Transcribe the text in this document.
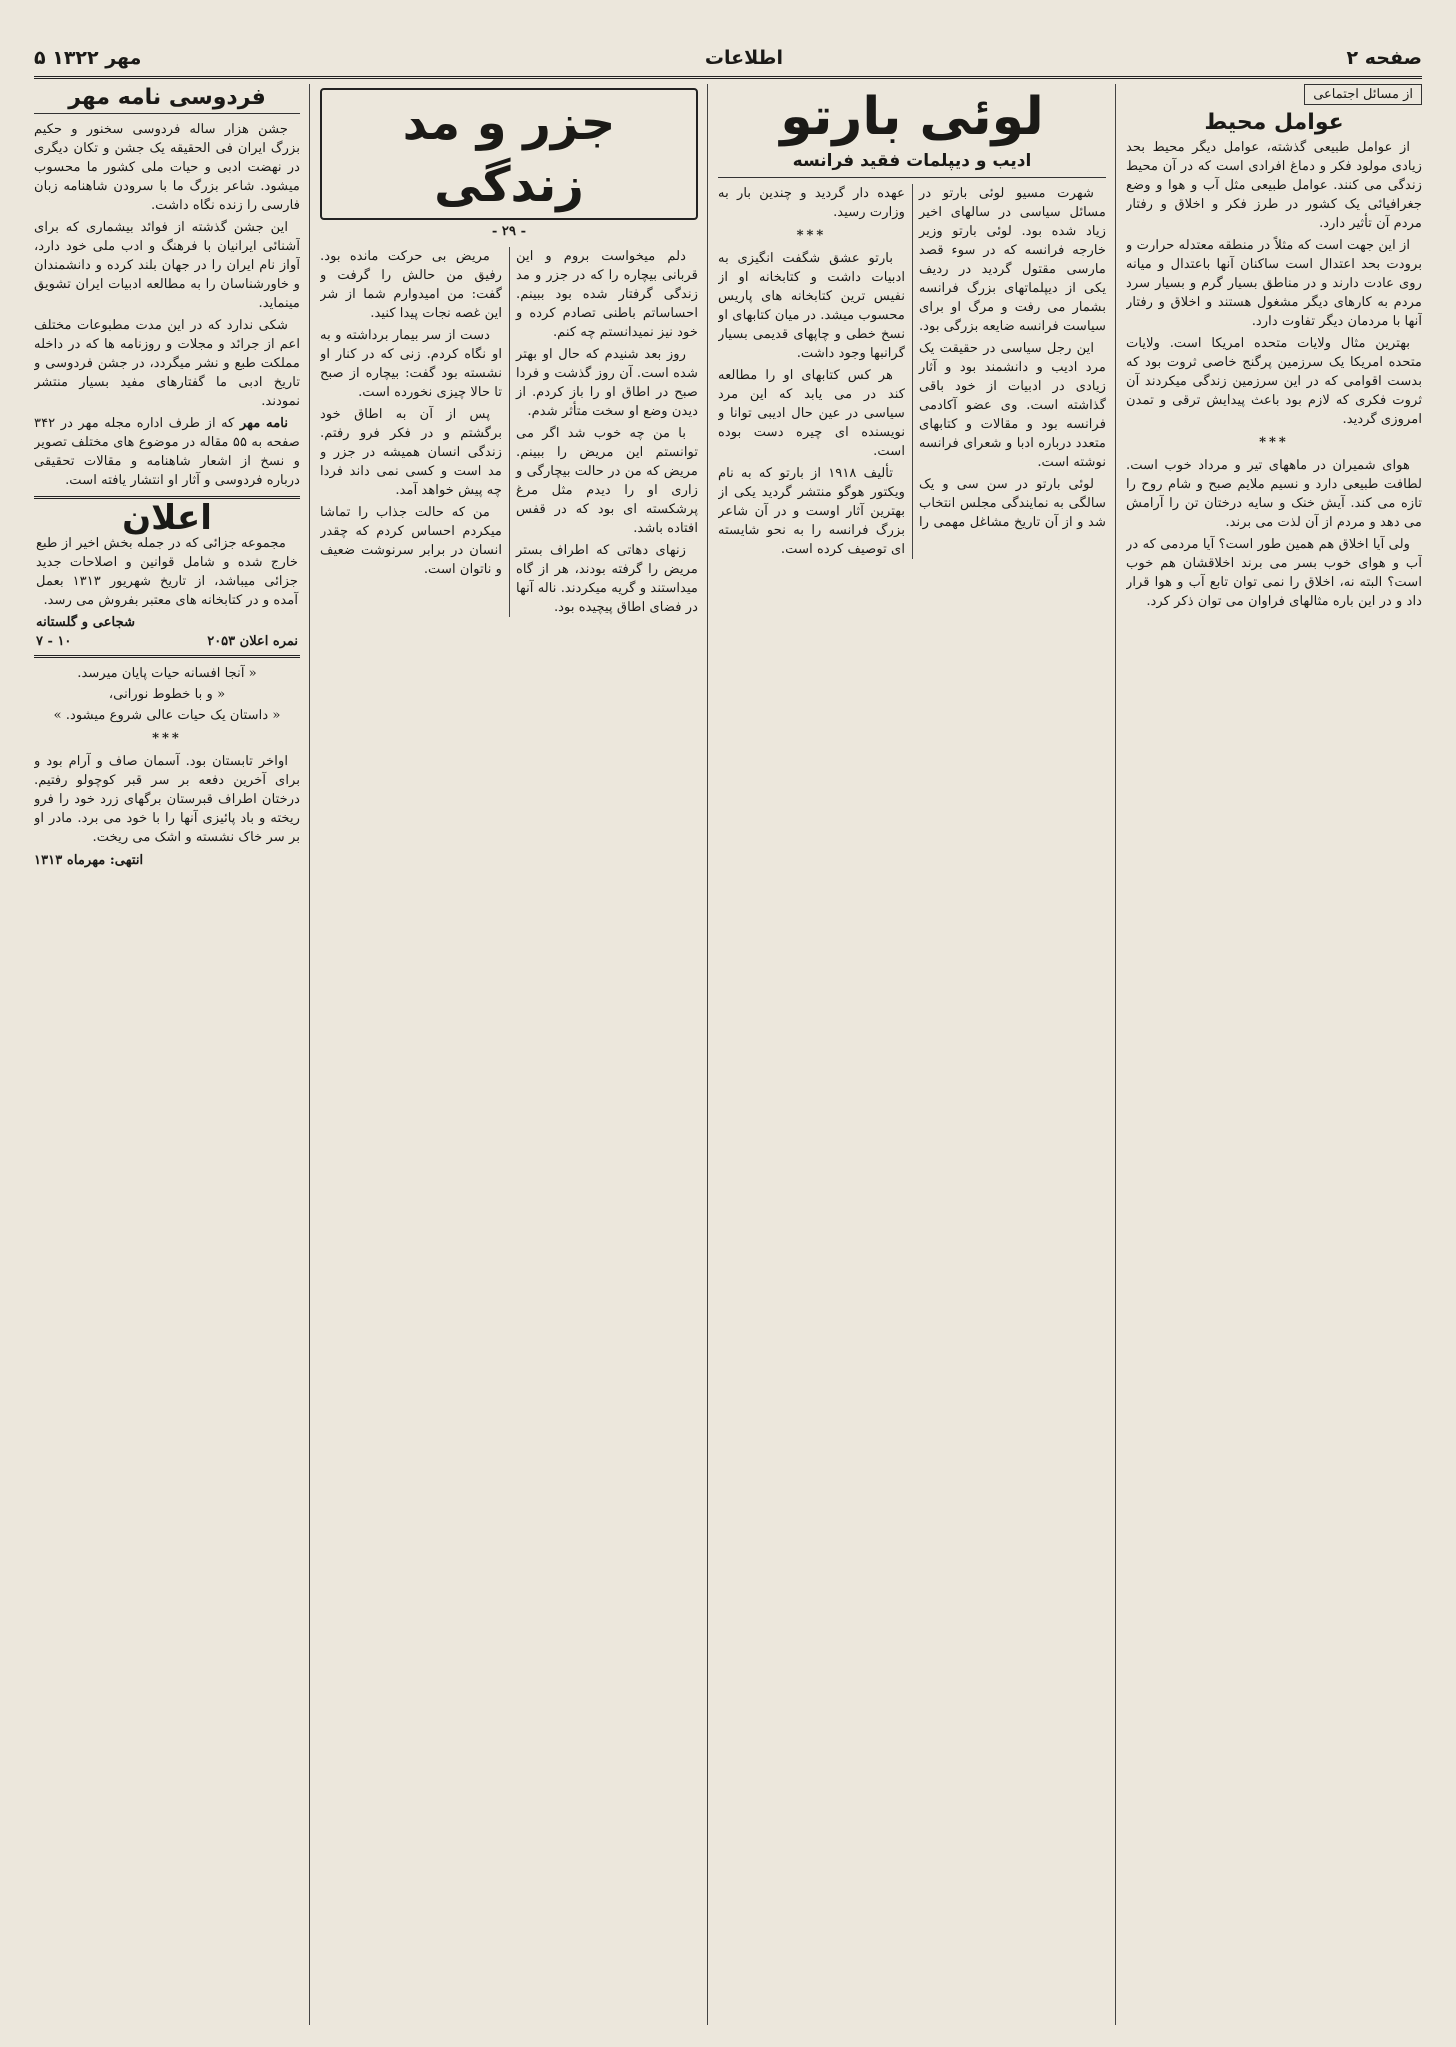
صفحه ۲
اطلاعات
۵ مهر ۱۳۲۲
از مسائل اجتماعی
عوامل محیط

از عوامل طبیعی گذشته، عوامل دیگر محیط بحد زیادی مولود فکر و دماغ افرادی است که در آن محیط زندگی می کنند. عوامل طبیعی مثل آب و هوا و وضع جغرافیائی یک کشور در طرز فکر و اخلاق و رفتار مردم آن تأثیر دارد.

از این جهت است که مثلاً در منطقه معتدله حرارت و برودت بحد اعتدال است ساکنان آنها باعتدال و میانه روی عادت دارند و در مناطق بسیار گرم و بسیار سرد مردم به کارهای دیگر مشغول هستند و اخلاق و رفتار آنها با مردمان دیگر تفاوت دارد.

بهترین مثال ولایات متحده امریکا است. ولایات متحده امریکا یک سرزمین پرگنج خاصی ثروت بود که بدست اقوامی که در این سرزمین زندگی میکردند آن ثروت فکری که لازم بود باعث پیدایش ترقی و تمدن امروزی گردید.

***

هوای شمیران در ماههای تیر و مرداد خوب است. لطافت طبیعی دارد و نسیم ملایم صبح و شام روح را تازه می کند. آیش خنک و سایه درختان تن را آرامش می دهد و مردم از آن لذت می برند.

ولی آیا اخلاق هم همین طور است؟ آیا مردمی که در آب و هوای خوب بسر می برند اخلاقشان هم خوب است؟ البته نه، اخلاق را نمی توان تابع آب و هوا قرار داد و در این باره مثالهای فراوان می توان ذکر کرد.

لوئی بارتو
ادیب و دیپلمات فقید فرانسه

شهرت مسیو لوئی بارتو در مسائل سیاسی در سالهای اخیر زیاد شده بود. لوئی بارتو وزیر خارجه فرانسه که در سوء قصد مارسی مقتول گردید در ردیف یکی از دیپلماتهای بزرگ فرانسه بشمار می رفت و مرگ او برای سیاست فرانسه ضایعه بزرگی بود.

این رجل سیاسی در حقیقت یک مرد ادیب و دانشمند بود و آثار زیادی در ادبیات از خود باقی گذاشته است. وی عضو آکادمی فرانسه بود و مقالات و کتابهای متعدد درباره ادبا و شعرای فرانسه نوشته است.

لوئی بارتو در سن سی و یک سالگی به نمایندگی مجلس انتخاب شد و از آن تاریخ مشاغل مهمی را عهده دار گردید و چندین بار به وزارت رسید.

***

بارتو عشق شگفت انگیزی به ادبیات داشت و کتابخانه او از نفیس ترین کتابخانه های پاریس محسوب میشد. در میان کتابهای او نسخ خطی و چاپهای قدیمی بسیار گرانبها وجود داشت.

هر کس کتابهای او را مطالعه کند در می یابد که این مرد سیاسی در عین حال ادیبی توانا و نویسنده ای چیره دست بوده است.

تألیف ۱۹۱۸ از بارتو که به نام ویکتور هوگو منتشر گردید یکی از بهترین آثار اوست و در آن شاعر بزرگ فرانسه را به نحو شایسته ای توصیف کرده است.

جزر و مد زندگی
- ۲۹ -

دلم میخواست بروم و این قربانی بیچاره را که در جزر و مد زندگی گرفتار شده بود ببینم. احساساتم باطنی تصادم کرده و خود نیز نمیدانستم چه کنم.

روز بعد شنیدم که حال او بهتر شده است. آن روز گذشت و فردا صبح در اطاق او را باز کردم. از دیدن وضع او سخت متأثر شدم.

با من چه خوب شد اگر می توانستم این مریض را ببینم. مریض که من در حالت بیچارگی و زاری او را دیدم مثل مرغ پرشکسته ای بود که در قفس افتاده باشد.

زنهای دهاتی که اطراف بستر مریض را گرفته بودند، هر از گاه میداستند و گریه میکردند. ناله آنها در فضای اطاق پیچیده بود.

مریض بی حرکت مانده بود. رفیق من حالش را گرفت و گفت: من امیدوارم شما از شر این غصه نجات پیدا کنید.

دست از سر بیمار برداشته و به او نگاه کردم. زنی که در کنار او نشسته بود گفت: بیچاره از صبح تا حالا چیزی نخورده است.

پس از آن به اطاق خود برگشتم و در فکر فرو رفتم. زندگی انسان همیشه در جزر و مد است و کسی نمی داند فردا چه پیش خواهد آمد.

من که حالت جذاب را تماشا میکردم احساس کردم که چقدر انسان در برابر سرنوشت ضعیف و ناتوان است.

فردوسی نامه مهر

جشن هزار ساله فردوسی سخنور و حکیم بزرگ ایران فی الحقیقه یک جشن و تکان دیگری در نهضت ادبی و حیات ملی کشور ما محسوب میشود. شاعر بزرگ ما با سرودن شاهنامه زبان فارسی را زنده نگاه داشت.

این جشن گذشته از فوائد بیشماری که برای آشنائی ایرانیان با فرهنگ و ادب ملی خود دارد، آواز نام ایران را در جهان بلند کرده و دانشمندان و خاورشناسان را به مطالعه ادبیات ایران تشویق مینماید.

شکی ندارد که در این مدت مطبوعات مختلف اعم از جرائد و مجلات و روزنامه ها که در داخله مملکت طبع و نشر میگردد، در جشن فردوسی و تاریخ ادبی ما گفتارهای مفید بسیار منتشر نمودند.

نامه مهر که از طرف اداره مجله مهر در ۳۴۲ صفحه به ۵۵ مقاله در موضوع های مختلف تصویر و نسخ از اشعار شاهنامه و مقالات تحقیقی درباره فردوسی و آثار او انتشار یافته است.

اعلان

مجموعه جزائی که در جمله بخش اخیر از طبع خارج شده و شامل قوانین و اصلاحات جدید جزائی میباشد، از تاریخ شهریور ۱۳۱۳ بعمل آمده و در کتابخانه های معتبر بفروش می رسد.

شجاعی و گلستانه
نمره اعلان ۲۰۵۳
۱۰ - ۷

« آنجا افسانه حیات پایان میرسد.

« و با خطوط نورانی،

« داستان یک حیات عالی شروع میشود. »

***

اواخر تابستان بود. آسمان صاف و آرام بود و برای آخرین دفعه بر سر قبر کوچولو رفتیم. درختان اطراف قبرستان برگهای زرد خود را فرو ریخته و باد پائیزی آنها را با خود می برد. مادر او بر سر خاک نشسته و اشک می ریخت.

انتهی: مهرماه ۱۳۱۳
